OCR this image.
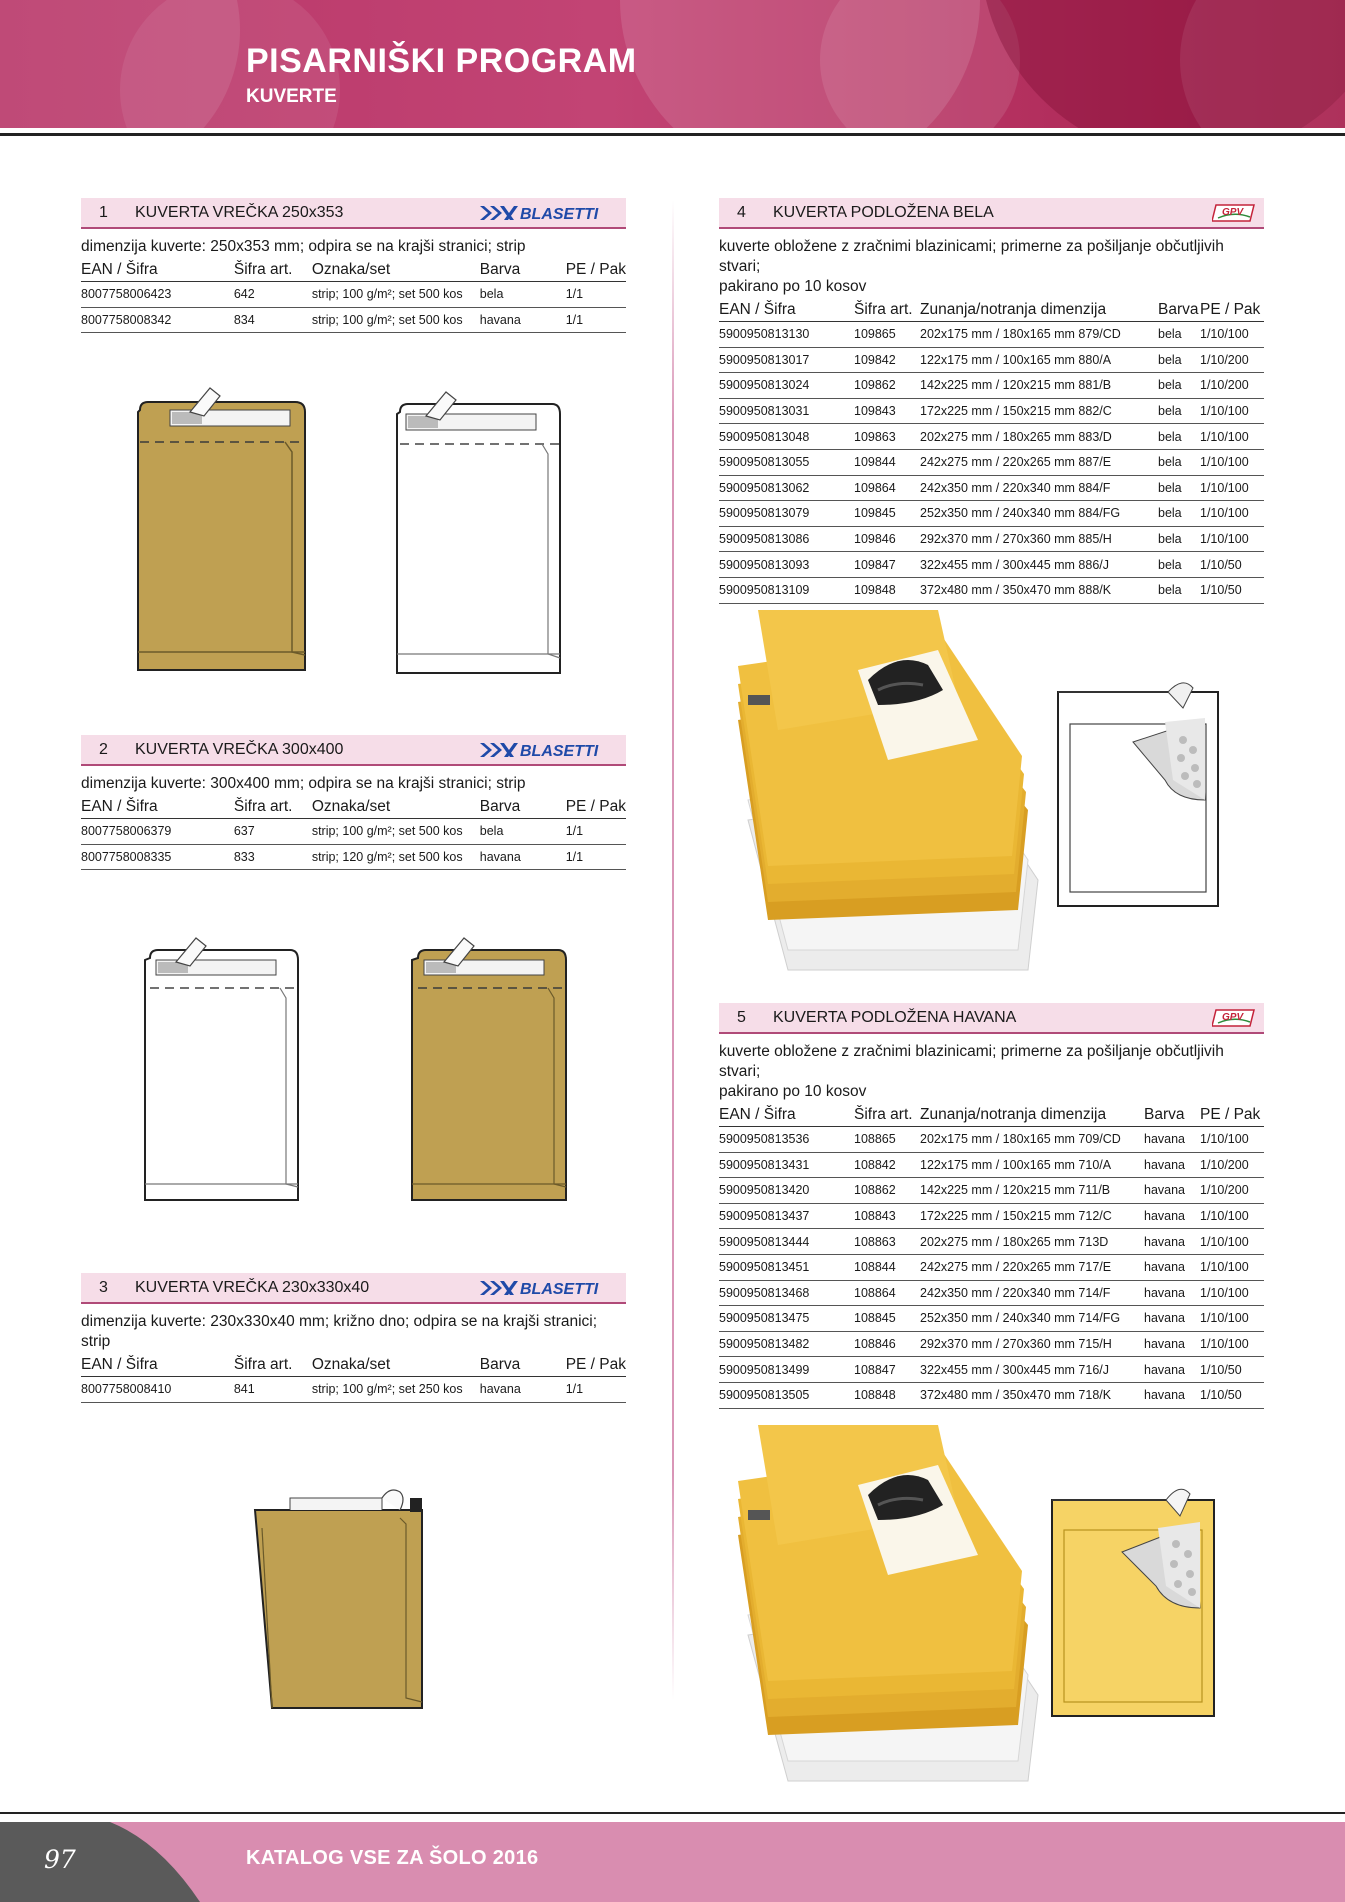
PISARNIŠKI PROGRAM
KUVERTE
1 KUVERTA VREČKA 250x353	BLASETTI
dimenzija kuverte: 250x353 mm; odpira se na krajši stranici; strip
EAN / Šifra	Šifra art.	Oznaka/set	Barva	PE / Pak
8007758006423	642	strip; 100 g/m²; set 500 kos	bela	1/1
8007758008342	834	strip; 100 g/m²; set 500 kos	havana	1/1
2 KUVERTA VREČKA 300x400	BLASETTI
dimenzija kuverte: 300x400 mm; odpira se na krajši stranici; strip
EAN / Šifra	Šifra art.	Oznaka/set	Barva	PE / Pak
8007758006379	637	strip; 100 g/m²; set 500 kos	bela	1/1
8007758008335	833	strip; 120 g/m²; set 500 kos	havana	1/1
3 KUVERTA VREČKA 230x330x40	BLASETTI
dimenzija kuverte: 230x330x40 mm; križno dno; odpira se na krajši stranici; strip
EAN / Šifra	Šifra art.	Oznaka/set	Barva	PE / Pak
8007758008410	841	strip; 100 g/m²; set 250 kos	havana	1/1
4 KUVERTA PODLOŽENA BELA	GPV
kuverte obložene z zračnimi blazinicami; primerne za pošiljanje občutljivih stvari;
pakirano po 10 kosov
EAN / Šifra	Šifra art.	Zunanja/notranja dimenzija	Barva	PE / Pak
5900950813130	109865	202x175 mm / 180x165 mm 879/CD	bela	1/10/100
5900950813017	109842	122x175 mm / 100x165 mm 880/A	bela	1/10/200
5900950813024	109862	142x225 mm / 120x215 mm 881/B	bela	1/10/200
5900950813031	109843	172x225 mm / 150x215 mm 882/C	bela	1/10/100
5900950813048	109863	202x275 mm / 180x265 mm 883/D	bela	1/10/100
5900950813055	109844	242x275 mm / 220x265 mm 887/E	bela	1/10/100
5900950813062	109864	242x350 mm / 220x340 mm 884/F	bela	1/10/100
5900950813079	109845	252x350 mm / 240x340 mm 884/FG	bela	1/10/100
5900950813086	109846	292x370 mm / 270x360 mm 885/H	bela	1/10/100
5900950813093	109847	322x455 mm / 300x445 mm 886/J	bela	1/10/50
5900950813109	109848	372x480 mm / 350x470 mm 888/K	bela	1/10/50
5 KUVERTA PODLOŽENA HAVANA	GPV
kuverte obložene z zračnimi blazinicami; primerne za pošiljanje občutljivih stvari;
pakirano po 10 kosov
EAN / Šifra	Šifra art.	Zunanja/notranja dimenzija	Barva	PE / Pak
5900950813536	108865	202x175 mm / 180x165 mm 709/CD	havana	1/10/100
5900950813431	108842	122x175 mm / 100x165 mm 710/A	havana	1/10/200
5900950813420	108862	142x225 mm / 120x215 mm 711/B	havana	1/10/200
5900950813437	108843	172x225 mm / 150x215 mm 712/C	havana	1/10/100
5900950813444	108863	202x275 mm / 180x265 mm 713D	havana	1/10/100
5900950813451	108844	242x275 mm / 220x265 mm 717/E	havana	1/10/100
5900950813468	108864	242x350 mm / 220x340 mm 714/F	havana	1/10/100
5900950813475	108845	252x350 mm / 240x340 mm 714/FG	havana	1/10/100
5900950813482	108846	292x370 mm / 270x360 mm 715/H	havana	1/10/100
5900950813499	108847	322x455 mm / 300x445 mm 716/J	havana	1/10/50
5900950813505	108848	372x480 mm / 350x470 mm 718/K	havana	1/10/50
97	KATALOG VSE ZA ŠOLO 2016
